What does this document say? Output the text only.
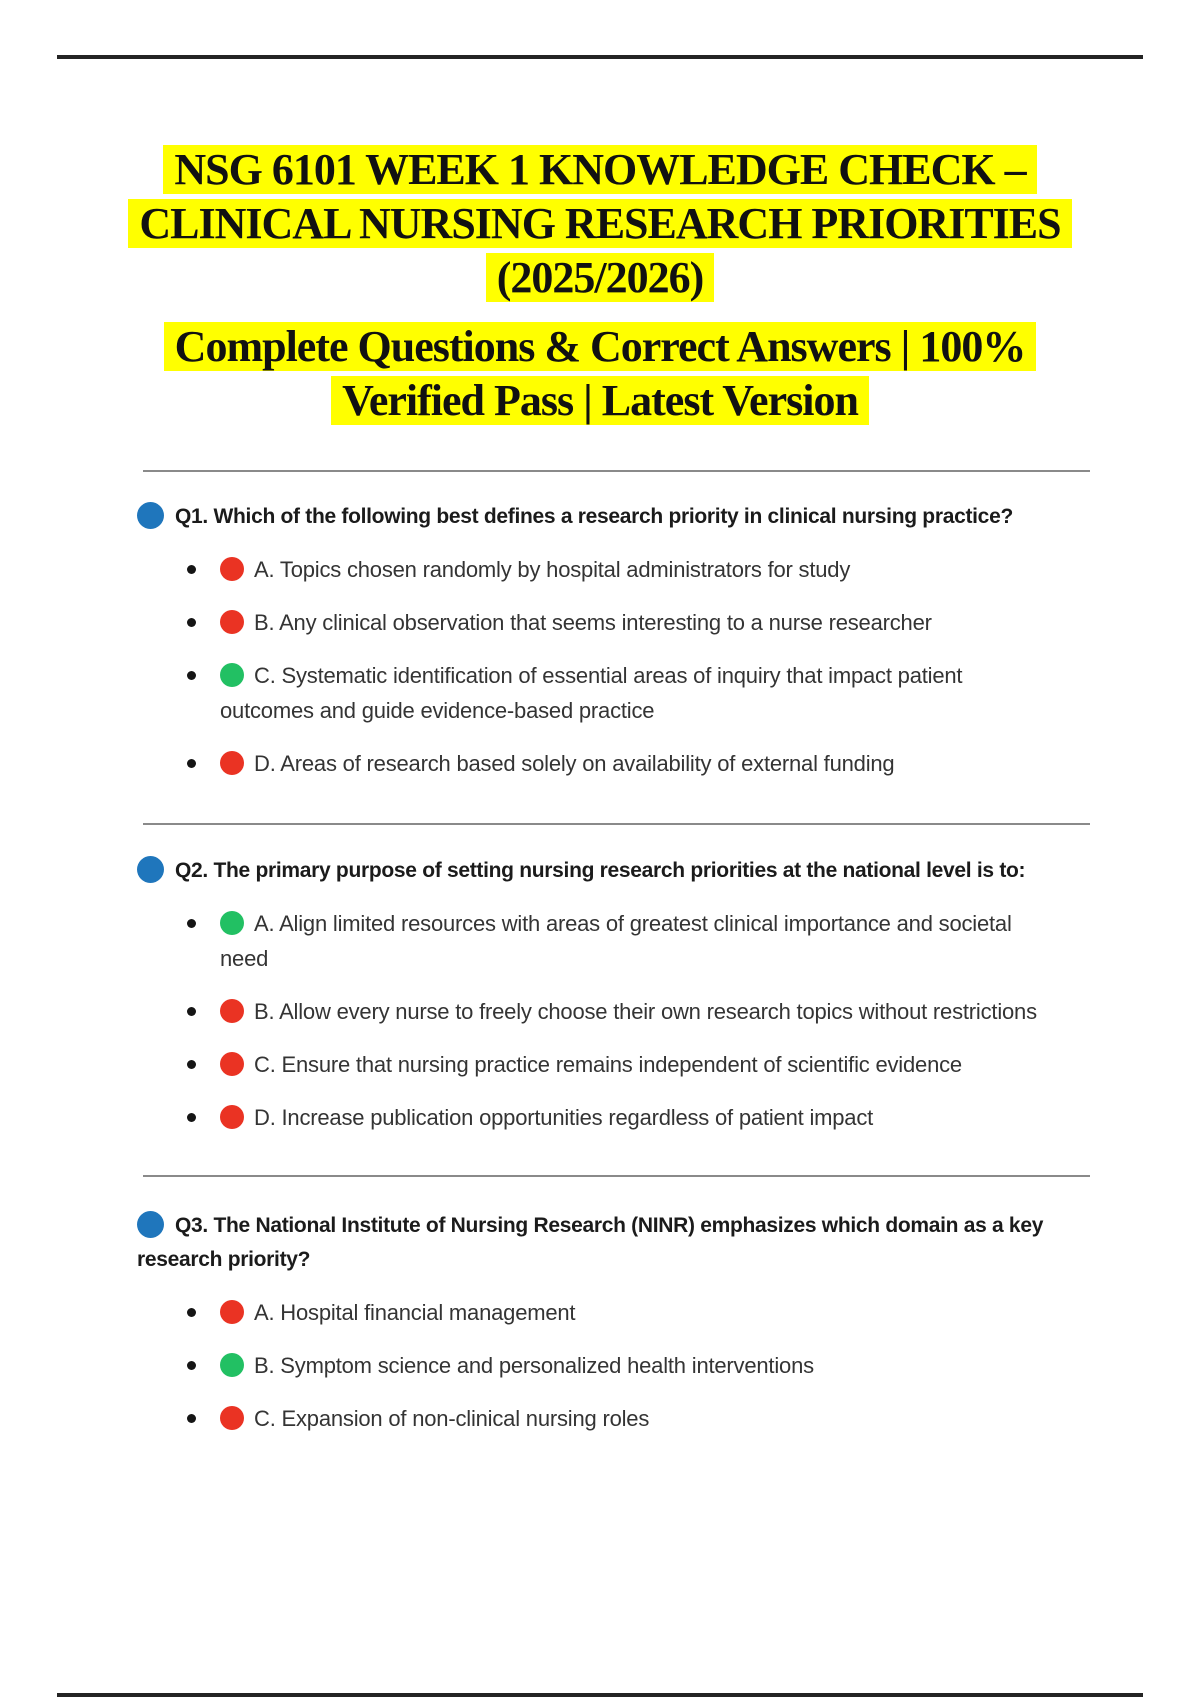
NSG 6101 WEEK 1 KNOWLEDGE CHECK –
CLINICAL NURSING RESEARCH PRIORITIES
(2025/2026)
Complete Questions & Correct Answers | 100%
Verified Pass | Latest Version
Q1. Which of the following best defines a research priority in clinical nursing practice?
A. Topics chosen randomly by hospital administrators for study
B. Any clinical observation that seems interesting to a nurse researcher
C. Systematic identification of essential areas of inquiry that impact patient
outcomes and guide evidence-based practice
D. Areas of research based solely on availability of external funding
Q2. The primary purpose of setting nursing research priorities at the national level is to:
A. Align limited resources with areas of greatest clinical importance and societal
need
B. Allow every nurse to freely choose their own research topics without restrictions
C. Ensure that nursing practice remains independent of scientific evidence
D. Increase publication opportunities regardless of patient impact
Q3. The National Institute of Nursing Research (NINR) emphasizes which domain as a key
research priority?
A. Hospital financial management
B. Symptom science and personalized health interventions
C. Expansion of non-clinical nursing roles
